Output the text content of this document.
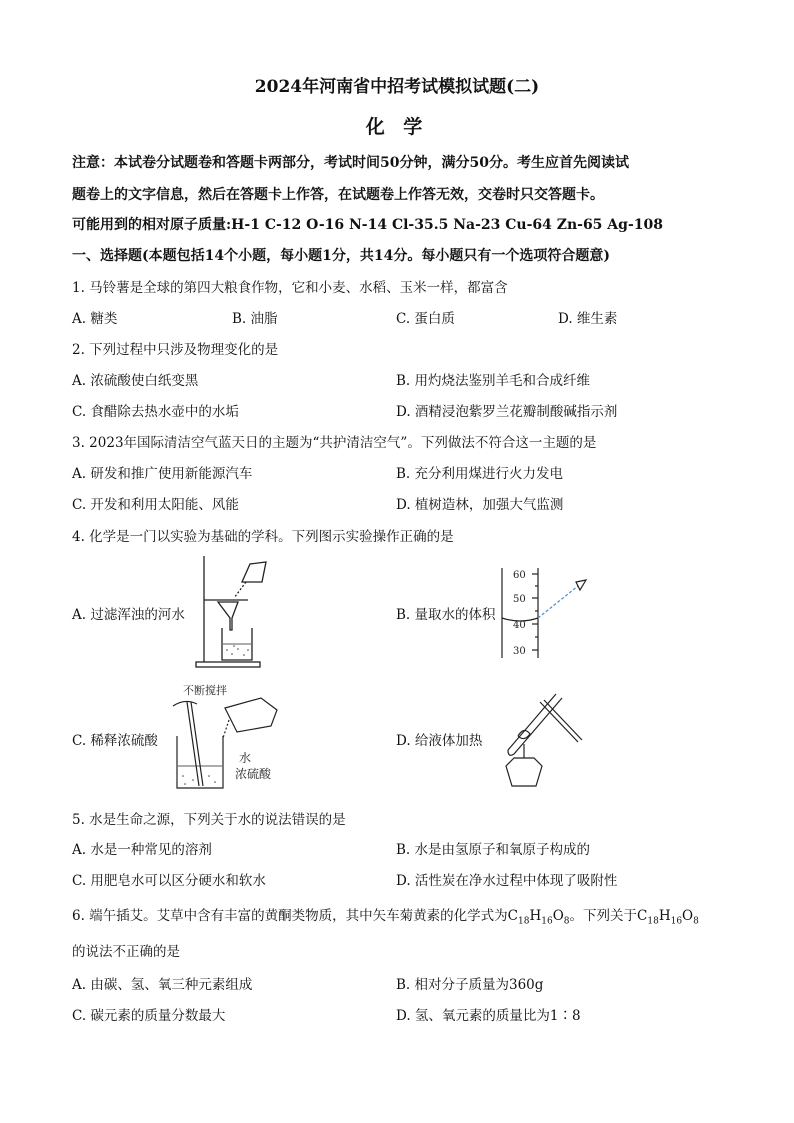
2024年河南省中招考试模拟试题(二)
化 学
注意：本试卷分试题卷和答题卡两部分，考试时间50分钟，满分50分。考生应首先阅读试
题卷上的文字信息，然后在答题卡上作答，在试题卷上作答无效，交卷时只交答题卡。
可能用到的相对原子质量:H-1 C-12 O-16 N-14 Cl-35.5 Na-23 Cu-64 Zn-65 Ag-108
一、选择题(本题包括14个小题，每小题1分，共14分。每小题只有一个选项符合题意)
1. 马铃薯是全球的第四大粮食作物，它和小麦、水稻、玉米一样，都富含
A. 糖类	B. 油脂	C. 蛋白质	D. 维生素
2. 下列过程中只涉及物理变化的是
A. 浓硫酸使白纸变黑	B. 用灼烧法鉴别羊毛和合成纤维
C. 食醋除去热水壶中的水垢	D. 酒精浸泡紫罗兰花瓣制酸碱指示剂
3. 2023年国际清洁空气蓝天日的主题为“共护清洁空气”。下列做法不符合这一主题的是
A. 研发和推广使用新能源汽车	B. 充分利用煤进行火力发电
C. 开发和利用太阳能、风能	D. 植树造林，加强大气监测
4. 化学是一门以实验为基础的学科。下列图示实验操作正确的是
A. 过滤浑浊的河水	B. 量取水的体积
C. 稀释浓硫酸	D. 给液体加热
60
50
40
30
不断搅拌
水
浓硫酸
5. 水是生命之源，下列关于水的说法错误的是
A. 水是一种常见的溶剂	B. 水是由氢原子和氧原子构成的
C. 用肥皂水可以区分硬水和软水	D. 活性炭在净水过程中体现了吸附性
6. 端午插艾。艾草中含有丰富的黄酮类物质，其中矢车菊黄素的化学式为$C_{18}H_{16}O_8$。下列关于$C_{18}H_{16}O_8$
的说法不正确的是
A. 由碳、氢、氧三种元素组成	B. 相对分子质量为360g
C. 碳元素的质量分数最大	D. 氢、氧元素的质量比为1∶8
